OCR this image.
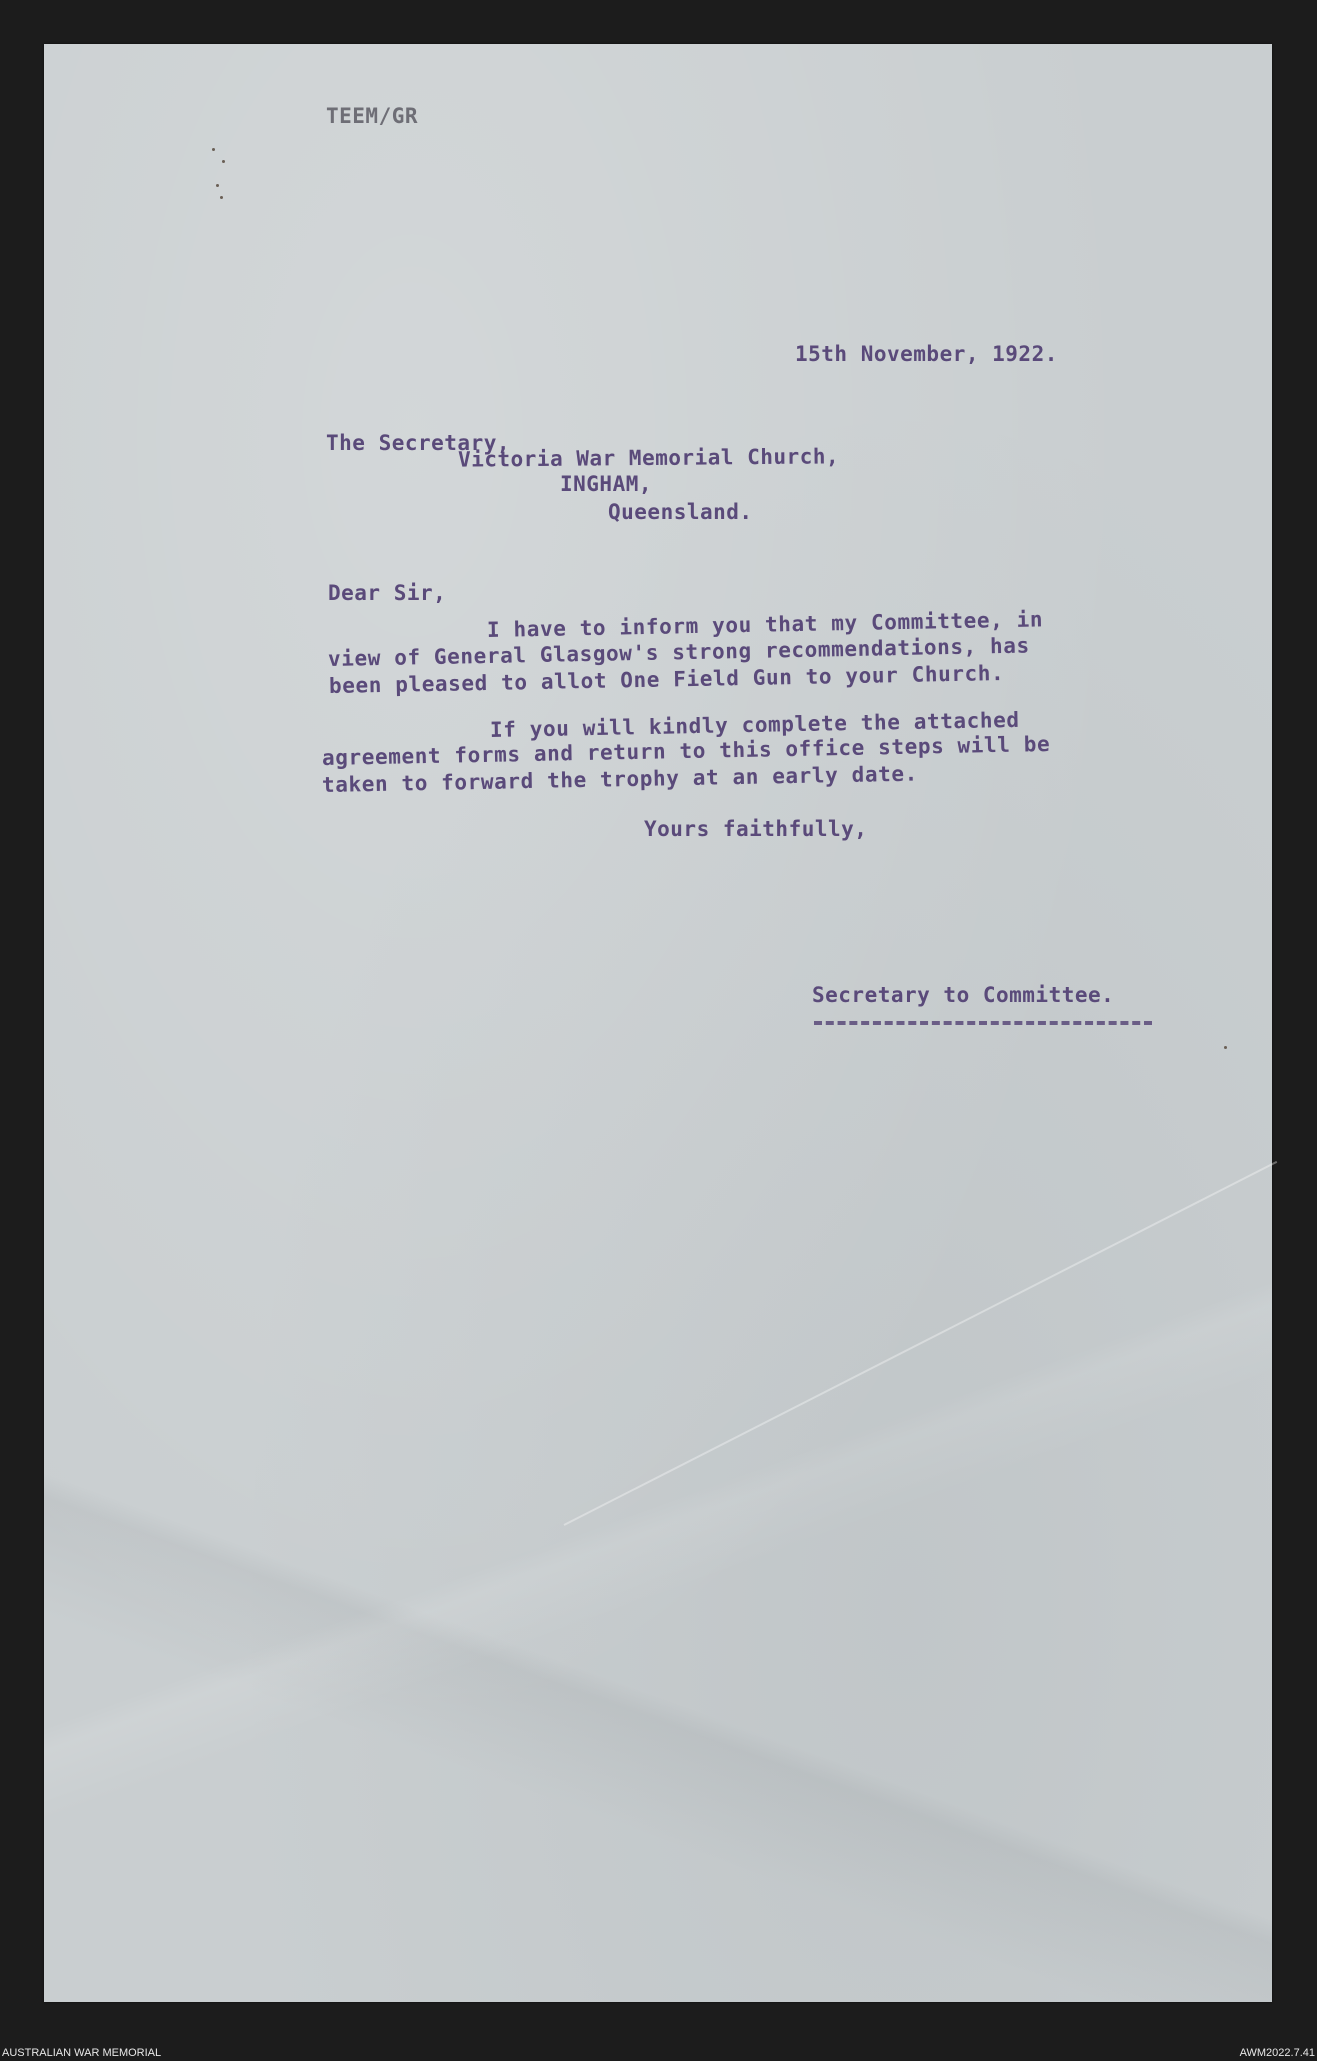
TEEM/GR
15th November, 1922.
The Secretary,
Victoria War Memorial Church,
INGHAM,
Queensland.
Dear Sir,
I have to inform you that my Committee, in
view of General Glasgow's strong recommendations, has
been pleased to allot One Field Gun to your Church.
If you will kindly complete the attached
agreement forms and return to this office steps will be
taken to forward the trophy at an early date.
Yours faithfully,
Secretary to Committee.
AUSTRALIAN WAR MEMORIAL	AWM2022.7.41
